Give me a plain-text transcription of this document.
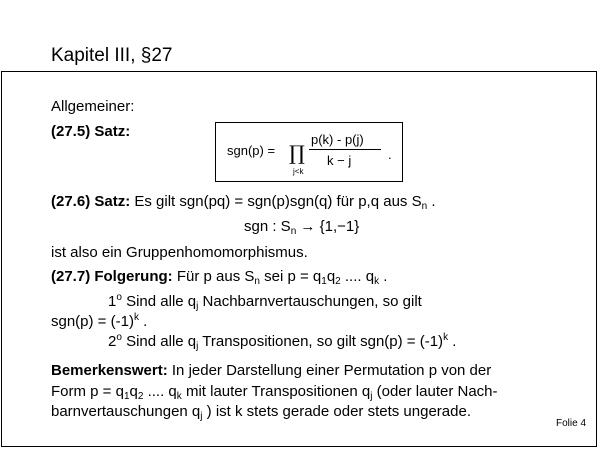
Kapitel III, §27
Allgemeiner:
(27.5) Satz:
sgn(p) = ∏
j<k
p(k) - p(j)
k − j	.
(27.6) Satz: Es gilt sgn(pq) = sgn(p)sgn(q) für p,q aus $S_n$ .
sgn : $S_n \to \{1,-1\}$
ist also ein Gruppenhomomorphismus.
(27.7) Folgerung: Für p aus $S_n$ sei $p = q_1q_2$ .... $q_k$ .
1$^o$ Sind alle $q_j$ Nachbarnvertauschungen, so gilt
$sgn(p) = (-1)^k$ .
2$^o$ Sind alle $q_j$ Transpositionen, so gilt $sgn(p) = (-1)^k$ .
Bemerkenswert: In jeder Darstellung einer Permutation p von der
Form $p = q_1q_2$ .... $q_k$ mit lauter Transpositionen $q_j$ (oder lauter Nach-
barnvertauschungen $q_j$ ) ist k stets gerade oder stets ungerade.
Folie 4
